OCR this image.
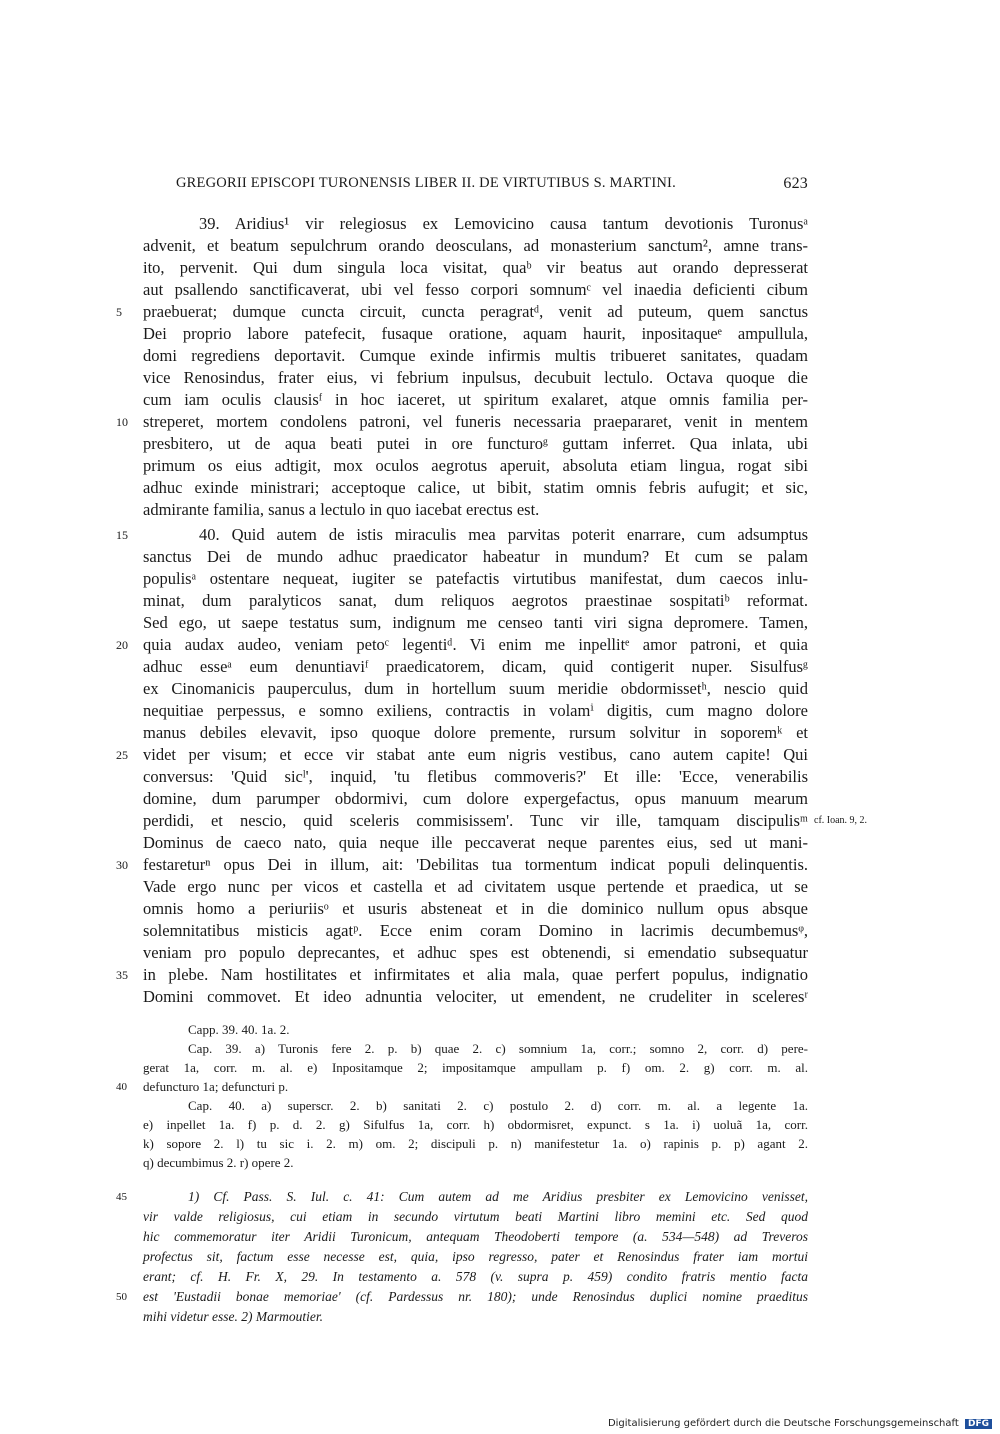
GREGORII EPISCOPI TURONENSIS LIBER II. DE VIRTUTIBUS S. MARTINI.	623
39. Aridius¹ vir relegiosus ex Lemovicino causa tantum devotionis Turonusᵃ
advenit, et beatum sepulchrum orando deosculans, ad monasterium sanctum², amne trans-
ito, pervenit. Qui dum singula loca visitat, quaᵇ vir beatus aut orando depresserat
aut psallendo sanctificaverat, ubi vel fesso corpori somnumᶜ vel inaedia deficienti cibum
praebuerat; dumque cuncta circuit, cuncta peragratᵈ, venit ad puteum, quem sanctus
5
Dei proprio labore patefecit, fusaque oratione, aquam haurit, inpositaqueᵉ ampullula,
domi regrediens deportavit. Cumque exinde infirmis multis tribueret sanitates, quadam
vice Renosindus, frater eius, vi febrium inpulsus, decubuit lectulo. Octava quoque die
cum iam oculis clausisᶠ in hoc iaceret, ut spiritum exalaret, atque omnis familia per-
streperet, mortem condolens patroni, vel funeris necessaria praepararet, venit in mentem
10
presbitero, ut de aqua beati putei in ore functuroᵍ guttam inferret. Qua inlata, ubi
primum os eius adtigit, mox oculos aegrotus aperuit, absoluta etiam lingua, rogat sibi
adhuc exinde ministrari; acceptoque calice, ut bibit, statim omnis febris aufugit; et sic,
admirante familia, sanus a lectulo in quo iacebat erectus est.
40. Quid autem de istis miraculis mea parvitas poterit enarrare, cum adsumptus
15
sanctus Dei de mundo adhuc praedicator habeatur in mundum? Et cum se palam
populisᵃ ostentare nequeat, iugiter se patefactis virtutibus manifestat, dum caecos inlu-
minat, dum paralyticos sanat, dum reliquos aegrotos praestinae sospitatiᵇ reformat.
Sed ego, ut saepe testatus sum, indignum me censeo tanti viri signa depromere. Tamen,
quia audax audeo, veniam petoᶜ legentiᵈ. Vi enim me inpellitᵉ amor patroni, et quia
20
adhuc esseᵃ eum denuntiaviᶠ praedicatorem, dicam, quid contigerit nuper. Sisulfusᵍ
ex Cinomanicis pauperculus, dum in hortellum suum meridie obdormissetʰ, nescio quid
nequitiae perpessus, e somno exiliens, contractis in volamⁱ digitis, cum magno dolore
manus debiles elevavit, ipso quoque dolore premente, rursum solvitur in soporemᵏ et
videt per visum; et ecce vir stabat ante eum nigris vestibus, cano autem capite! Qui
25
conversus: 'Quid sicˡ', inquid, 'tu fletibus commoveris?' Et ille: 'Ecce, venerabilis
domine, dum parumper obdormivi, cum dolore expergefactus, opus manuum mearum
perdidi, et nescio, quid sceleris commisissem'. Tunc vir ille, tamquam discipulisᵐ cf. Ioan. 9, 2.
Dominus de caeco nato, quia neque ille peccaverat neque parentes eius, sed ut mani-
festareturⁿ opus Dei in illum, ait: 'Debilitas tua tormentum indicat populi delinquentis.
30
Vade ergo nunc per vicos et castella et ad civitatem usque pertende et praedica, ut se
omnis homo a periuriisᵒ et usuris absteneat et in die dominico nullum opus absque
solemnitatibus misticis agatᵖ. Ecce enim coram Domino in lacrimis decumbemusᵠ,
veniam pro populo deprecantes, et adhuc spes est obtenendi, si emendatio subsequatur
in plebe. Nam hostilitates et infirmitates et alia mala, quae perfert populus, indignatio
35
Domini commovet. Et ideo adnuntia velociter, ut emendent, ne crudeliter in sceleresʳ
Capp. 39. 40. 1a. 2.
Cap. 39. a) Turonis fere 2. p. b) quae 2. c) somnium 1a, corr.; somno 2, corr. d) pere-
gerat 1a, corr. m. al. e) Inpositamque 2; impositamque ampullam p. f) om. 2. g) corr. m. al.
defuncturo 1a; defuncturi p.
40
Cap. 40. a) superscr. 2. b) sanitati 2. c) postulo 2. d) corr. m. al. a legente 1a.
e) inpellet 1a. f) p. d. 2. g) Sifulfus 1a, corr. h) obdormisret, expunct. s 1a. i) uoluã 1a, corr.
k) sopore 2. l) tu sic i. 2. m) om. 2; discipuli p. n) manifestetur 1a. o) rapinis p. p) agant 2.
q) decumbimus 2. r) opere 2.
1) Cf. Pass. S. Iul. c. 41: Cum autem ad me Aridius presbiter ex Lemovicino venisset,
45
vir valde religiosus, cui etiam in secundo virtutum beati Martini libro memini etc. Sed quod
hic commemoratur iter Aridii Turonicum, antequam Theodoberti tempore (a. 534—548) ad Treveros
profectus sit, factum esse necesse est, quia, ipso regresso, pater et Renosindus frater iam mortui
erant; cf. H. Fr. X, 29. In testamento a. 578 (v. supra p. 459) condito fratris mentio facta
est 'Eustadii bonae memoriae' (cf. Pardessus nr. 180); unde Renosindus duplici nomine praeditus
50
mihi videtur esse. 2) Marmoutier.
Digitalisierung gefördert durch die Deutsche Forschungsgemeinschaft DFG
